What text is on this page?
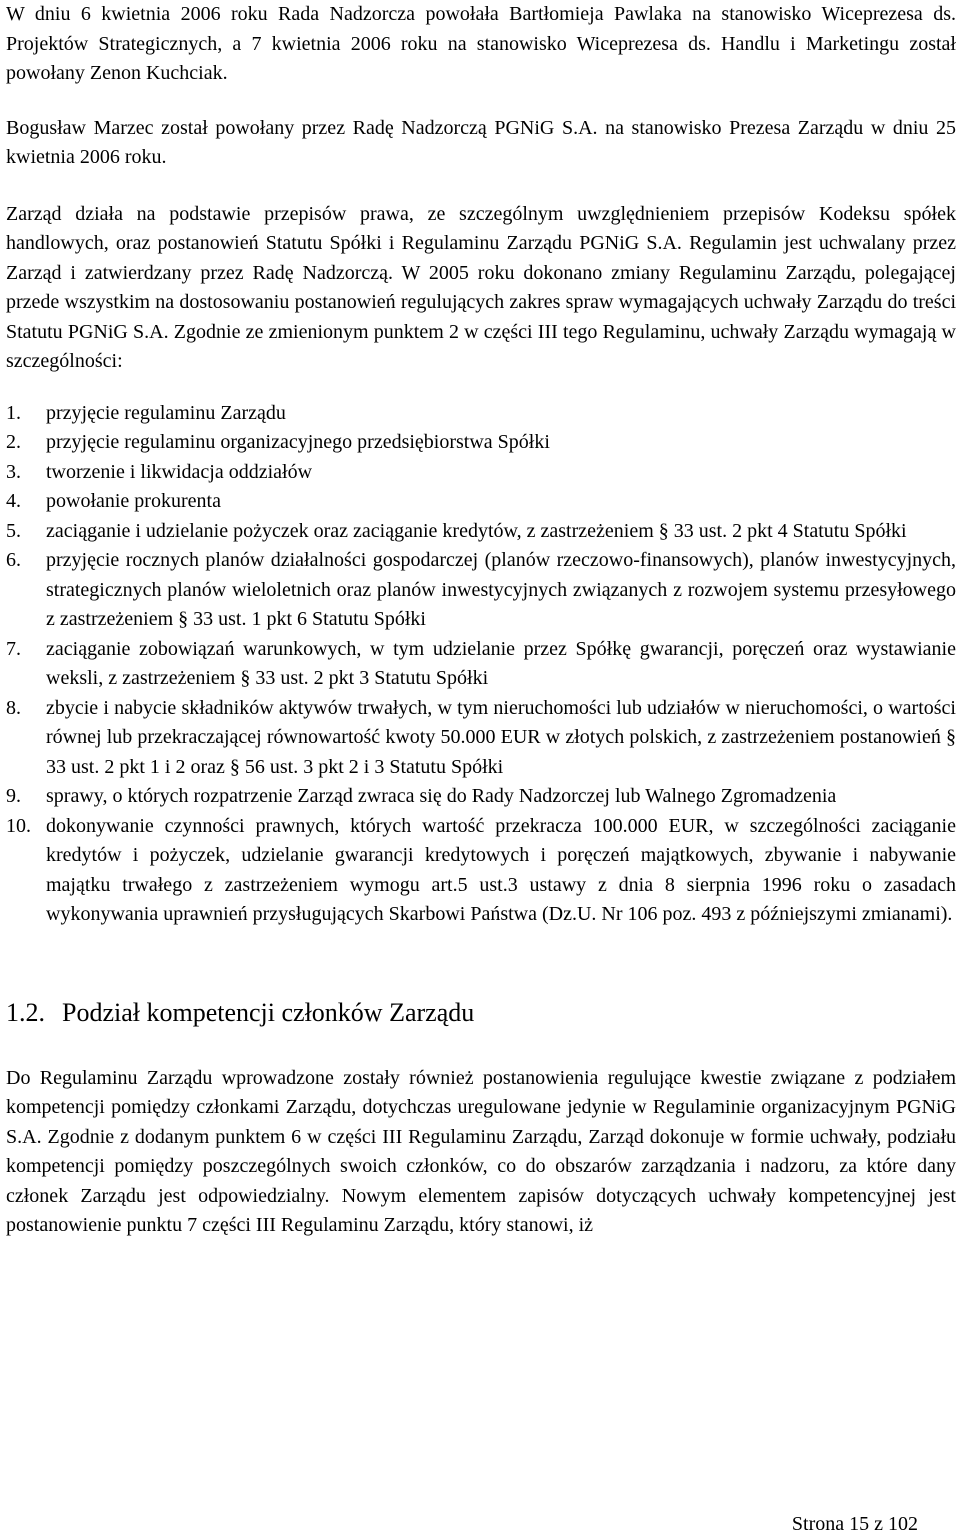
W dniu 6 kwietnia 2006 roku Rada Nadzorcza powołała Bartłomieja Pawlaka na stanowisko Wiceprezesa ds. Projektów Strategicznych, a 7 kwietnia 2006 roku na stanowisko Wiceprezesa ds. Handlu i Marketingu został powołany Zenon Kuchciak.

Bogusław Marzec został powołany przez Radę Nadzorczą PGNiG S.A. na stanowisko Prezesa Zarządu w dniu 25 kwietnia 2006 roku.

Zarząd działa na podstawie przepisów prawa, ze szczególnym uwzględnieniem przepisów Kodeksu spółek handlowych, oraz postanowień Statutu Spółki i Regulaminu Zarządu PGNiG S.A. Regulamin jest uchwalany przez Zarząd i zatwierdzany przez Radę Nadzorczą. W 2005 roku dokonano zmiany Regulaminu Zarządu, polegającej przede wszystkim na dostosowaniu postanowień regulujących zakres spraw wymagających uchwały Zarządu do treści Statutu PGNiG S.A. Zgodnie ze zmienionym punktem 2 w części III tego Regulaminu, uchwały Zarządu wymagają w szczególności:

1. przyjęcie regulaminu Zarządu
2. przyjęcie regulaminu organizacyjnego przedsiębiorstwa Spółki
3. tworzenie i likwidacja oddziałów
4. powołanie prokurenta
5. zaciąganie i udzielanie pożyczek oraz zaciąganie kredytów, z zastrzeżeniem § 33 ust. 2 pkt 4 Statutu Spółki
6. przyjęcie rocznych planów działalności gospodarczej (planów rzeczowo-finansowych), planów inwestycyjnych, strategicznych planów wieloletnich oraz planów inwestycyjnych związanych z rozwojem systemu przesyłowego z zastrzeżeniem § 33 ust. 1 pkt 6 Statutu Spółki
7. zaciąganie zobowiązań warunkowych, w tym udzielanie przez Spółkę gwarancji, poręczeń oraz wystawianie weksli, z zastrzeżeniem § 33 ust. 2 pkt 3 Statutu Spółki
8. zbycie i nabycie składników aktywów trwałych, w tym nieruchomości lub udziałów w nieruchomości, o wartości równej lub przekraczającej równowartość kwoty 50.000 EUR w złotych polskich, z zastrzeżeniem postanowień § 33 ust. 2 pkt 1 i 2 oraz § 56 ust. 3 pkt 2 i 3 Statutu Spółki
9. sprawy, o których rozpatrzenie Zarząd zwraca się do Rady Nadzorczej lub Walnego Zgromadzenia
10. dokonywanie czynności prawnych, których wartość przekracza 100.000 EUR, w szczególności zaciąganie kredytów i pożyczek, udzielanie gwarancji kredytowych i poręczeń majątkowych, zbywanie i nabywanie majątku trwałego z zastrzeżeniem wymogu art.5 ust.3 ustawy z dnia 8 sierpnia 1996 roku o zasadach wykonywania uprawnień przysługujących Skarbowi Państwa (Dz.U. Nr 106 poz. 493 z późniejszymi zmianami).
1.2. Podział kompetencji członków Zarządu

Do Regulaminu Zarządu wprowadzone zostały również postanowienia regulujące kwestie związane z podziałem kompetencji pomiędzy członkami Zarządu, dotychczas uregulowane jedynie w Regulaminie organizacyjnym PGNiG S.A. Zgodnie z dodanym punktem 6 w części III Regulaminu Zarządu, Zarząd dokonuje w formie uchwały, podziału kompetencji pomiędzy poszczególnych swoich członków, co do obszarów zarządzania i nadzoru, za które dany członek Zarządu jest odpowiedzialny. Nowym elementem zapisów dotyczących uchwały kompetencyjnej jest postanowienie punktu 7 części III Regulaminu Zarządu, który stanowi, iż

Strona 15 z 102
